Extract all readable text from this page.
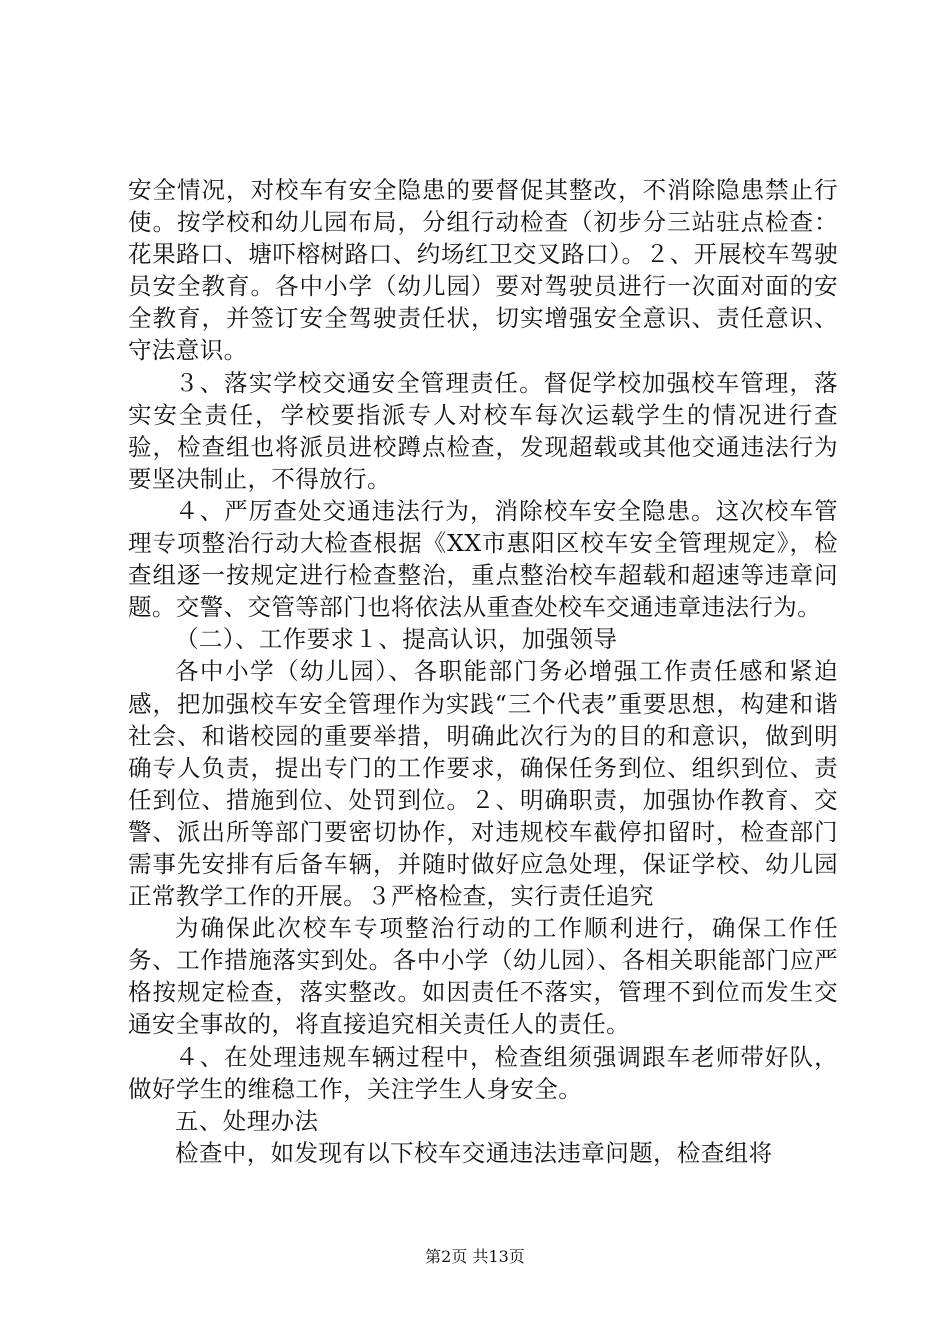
安全情况，对校车有安全隐患的要督促其整改，不消除隐患禁止行使。按学校和幼儿园布局，分组行动检查（初步分三站驻点检查：花果路口、塘吓榕树路口、约场红卫交叉路口）。２、开展校车驾驶员安全教育。各中小学（幼儿园）要对驾驶员进行一次面对面的安全教育，并签订安全驾驶责任状，切实增强安全意识、责任意识、守法意识。

３、落实学校交通安全管理责任。督促学校加强校车管理，落实安全责任，学校要指派专人对校车每次运载学生的情况进行查验，检查组也将派员进校蹲点检查，发现超载或其他交通违法行为要坚决制止，不得放行。

４、严厉查处交通违法行为，消除校车安全隐患。这次校车管理专项整治行动大检查根据《XX市惠阳区校车安全管理规定》，检查组逐一按规定进行检查整治，重点整治校车超载和超速等违章问题。交警、交管等部门也将依法从重查处校车交通违章违法行为。

（二）、工作要求１、提高认识，加强领导

各中小学（幼儿园）、各职能部门务必增强工作责任感和紧迫感，把加强校车安全管理作为实践“三个代表”重要思想，构建和谐社会、和谐校园的重要举措，明确此次行为的目的和意识，做到明确专人负责，提出专门的工作要求，确保任务到位、组织到位、责任到位、措施到位、处罚到位。２、明确职责，加强协作教育、交警、派出所等部门要密切协作，对违规校车截停扣留时，检查部门需事先安排有后备车辆，并随时做好应急处理，保证学校、幼儿园正常教学工作的开展。３严格检查，实行责任追究

为确保此次校车专项整治行动的工作顺利进行，确保工作任务、工作措施落实到处。各中小学（幼儿园）、各相关职能部门应严格按规定检查，落实整改。如因责任不落实，管理不到位而发生交通安全事故的，将直接追究相关责任人的责任。

４、在处理违规车辆过程中，检查组须强调跟车老师带好队，做好学生的维稳工作，关注学生人身安全。

五、处理办法

检查中，如发现有以下校车交通违法违章问题，检查组将

第2页 共13页
